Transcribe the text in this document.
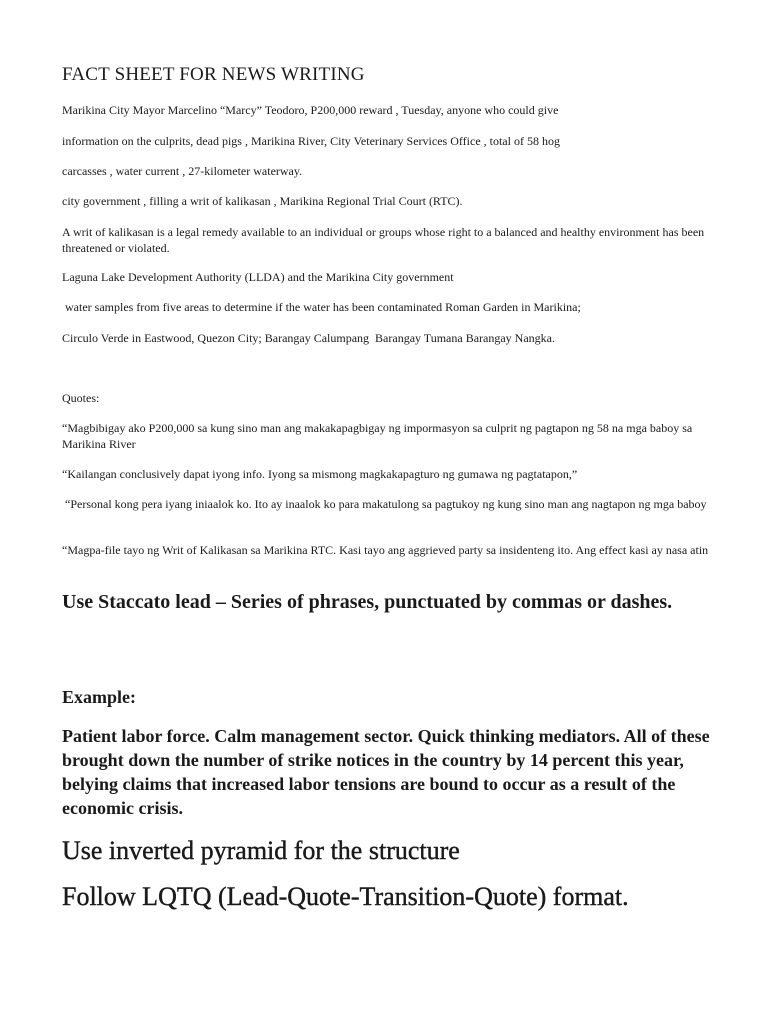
FACT SHEET FOR NEWS WRITING

Marikina City Mayor Marcelino “Marcy” Teodoro, P200,000 reward , Tuesday, anyone who could give

information on the culprits, dead pigs , Marikina River, City Veterinary Services Office , total of 58 hog

carcasses , water current , 27-kilometer waterway.

city government , filling a writ of kalikasan , Marikina Regional Trial Court (RTC).

A writ of kalikasan is a legal remedy available to an individual or groups whose right to a balanced and healthy environment has been threatened or violated.

Laguna Lake Development Authority (LLDA) and the Marikina City government

water samples from five areas to determine if the water has been contaminated Roman Garden in Marikina;

Circulo Verde in Eastwood, Quezon City; Barangay Calumpang  Barangay Tumana Barangay Nangka.

Quotes:

“Magbibigay ako P200,000 sa kung sino man ang makakapagbigay ng impormasyon sa culprit ng pagtapon ng 58 na mga baboy sa Marikina River

“Kailangan conclusively dapat iyong info. Iyong sa mismong magkakapagturo ng gumawa ng pagtatapon,”

“Personal kong pera iyang iniaalok ko. Ito ay inaalok ko para makatulong sa pagtukoy ng kung sino man ang nagtapon ng mga baboy

“Magpa-file tayo ng Writ of Kalikasan sa Marikina RTC. Kasi tayo ang aggrieved party sa insidenteng ito. Ang effect kasi ay nasa atin

Use Staccato lead – Series of phrases, punctuated by commas or dashes.

Example:

Patient labor force. Calm management sector. Quick thinking mediators. All of these brought down the number of strike notices in the country by 14 percent this year, belying claims that increased labor tensions are bound to occur as a result of the economic crisis.

Use inverted pyramid for the structure

Follow LQTQ (Lead-Quote-Transition-Quote) format.
